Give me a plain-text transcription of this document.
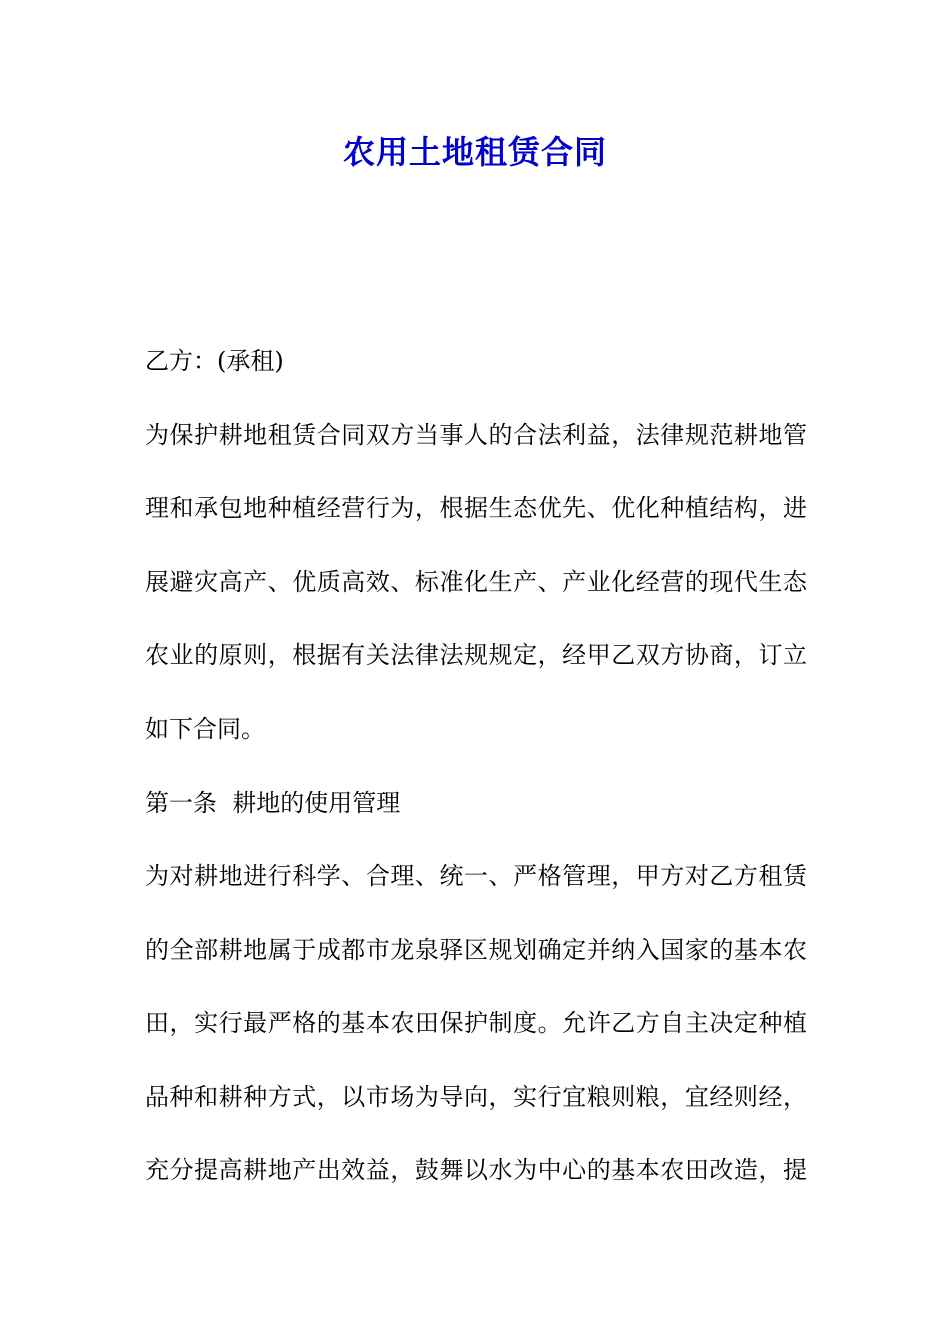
农用土地租赁合同
乙方：(承租)
为保护耕地租赁合同双方当事人的合法利益，法律规范耕地管
理和承包地种植经营行为，根据生态优先、优化种植结构，进
展避灾高产、优质高效、标准化生产、产业化经营的现代生态
农业的原则，根据有关法律法规规定，经甲乙双方协商，订立
如下合同。
第一条  耕地的使用管理
为对耕地进行科学、合理、统一、严格管理，甲方对乙方租赁
的全部耕地属于成都市龙泉驿区规划确定并纳入国家的基本农
田，实行最严格的基本农田保护制度。允许乙方自主决定种植
品种和耕种方式，以市场为导向，实行宜粮则粮，宜经则经，
充分提高耕地产出效益，鼓舞以水为中心的基本农田改造，提
